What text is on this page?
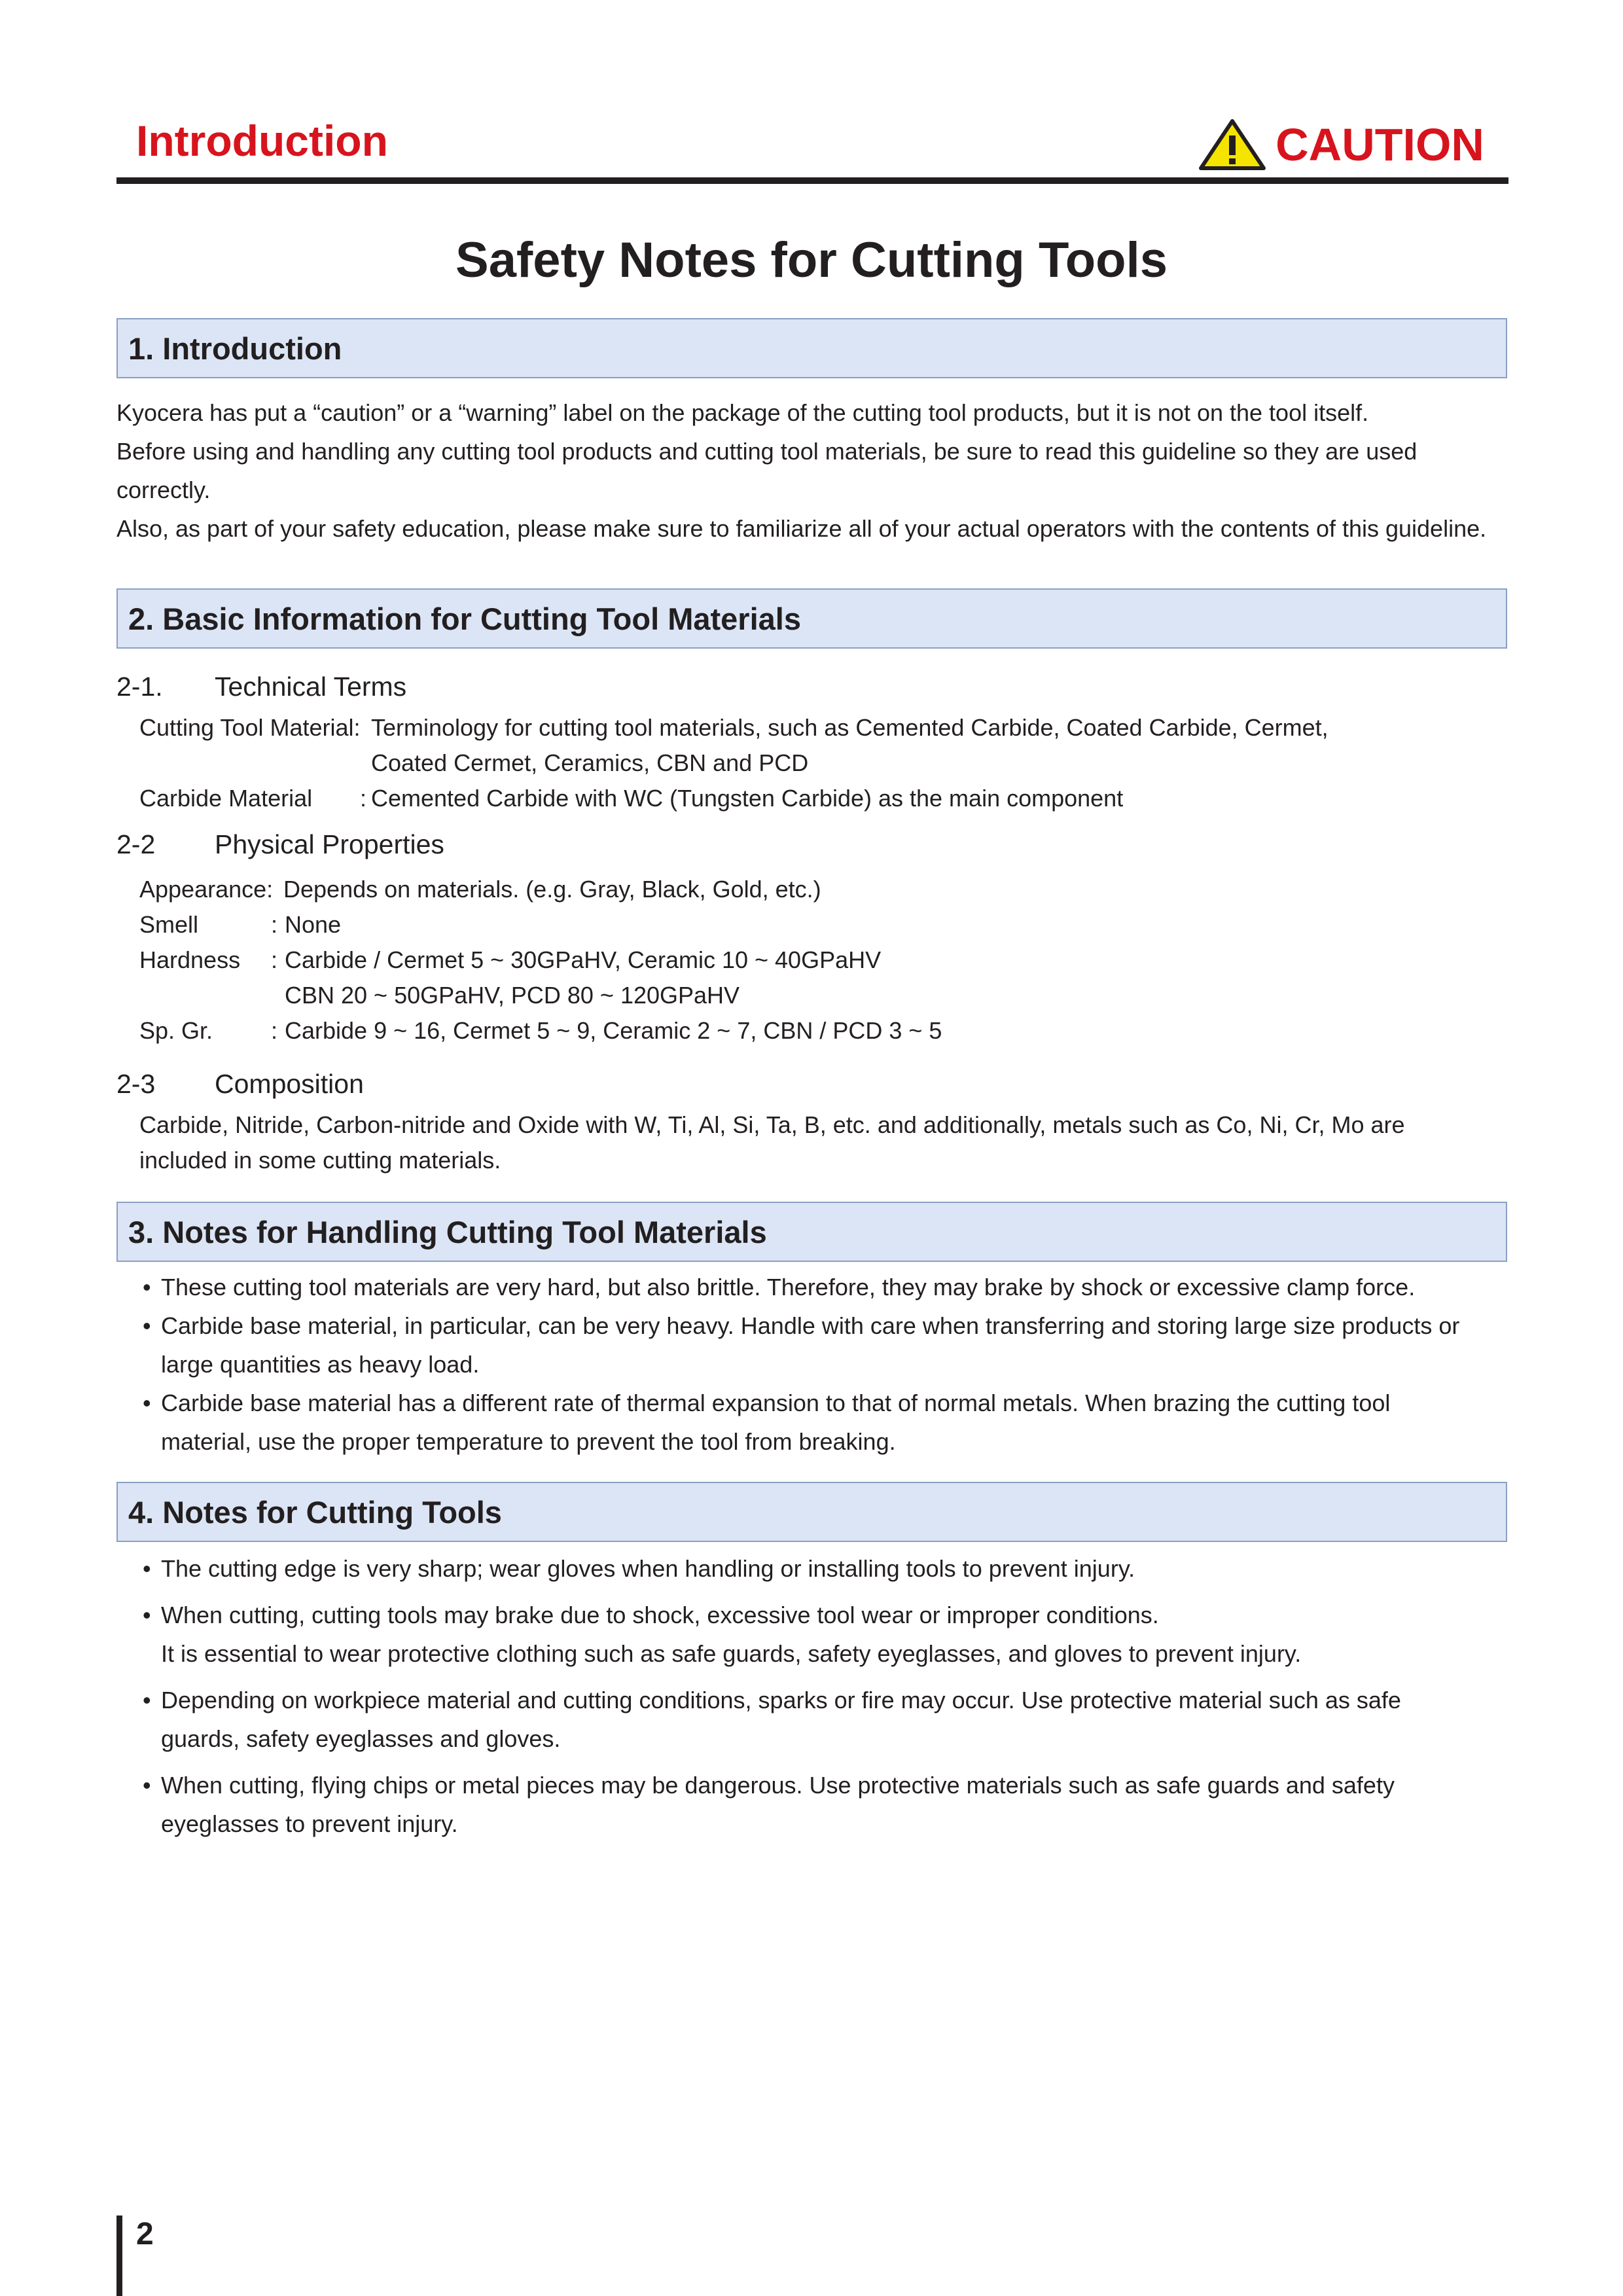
Introduction	CAUTION
Safety Notes for Cutting Tools
1. Introduction
Kyocera has put a “caution” or a “warning” label on the package of the cutting tool products, but it is not on the tool itself.
Before using and handling any cutting tool products and cutting tool materials, be sure to read this guideline so they are used
correctly.
Also, as part of your safety education, please make sure to familiarize all of your actual operators with the contents of this guideline.
2. Basic Information for Cutting Tool Materials
2-1. Technical Terms
Cutting Tool Material: Terminology for cutting tool materials, such as Cemented Carbide, Coated Carbide, Cermet,
Coated Cermet, Ceramics, CBN and PCD
Carbide Material : Cemented Carbide with WC (Tungsten Carbide) as the main component
2-2 Physical Properties
Appearance: Depends on materials. (e.g. Gray, Black, Gold, etc.)
Smell	: None
Hardness : Carbide / Cermet 5 ~ 30GPaHV, Ceramic 10 ~ 40GPaHV
CBN 20 ~ 50GPaHV, PCD 80 ~ 120GPaHV
Sp. Gr. : Carbide 9 ~ 16, Cermet 5 ~ 9, Ceramic 2 ~ 7, CBN / PCD 3 ~ 5
2-3 Composition
Carbide, Nitride, Carbon-nitride and Oxide with W, Ti, Al, Si, Ta, B, etc. and additionally, metals such as Co, Ni, Cr, Mo are
included in some cutting materials.
3. Notes for Handling Cutting Tool Materials
• These cutting tool materials are very hard, but also brittle. Therefore, they may brake by shock or excessive clamp force.
• Carbide base material, in particular, can be very heavy. Handle with care when transferring and storing large size products or
large quantities as heavy load.
• Carbide base material has a different rate of thermal expansion to that of normal metals. When brazing the cutting tool
material, use the proper temperature to prevent the tool from breaking.
4. Notes for Cutting Tools
• The cutting edge is very sharp; wear gloves when handling or installing tools to prevent injury.
• When cutting, cutting tools may brake due to shock, excessive tool wear or improper conditions.
It is essential to wear protective clothing such as safe guards, safety eyeglasses, and gloves to prevent injury.
• Depending on workpiece material and cutting conditions, sparks or fire may occur. Use protective material such as safe
guards, safety eyeglasses and gloves.
• When cutting, flying chips or metal pieces may be dangerous. Use protective materials such as safe guards and safety
eyeglasses to prevent injury.
2
